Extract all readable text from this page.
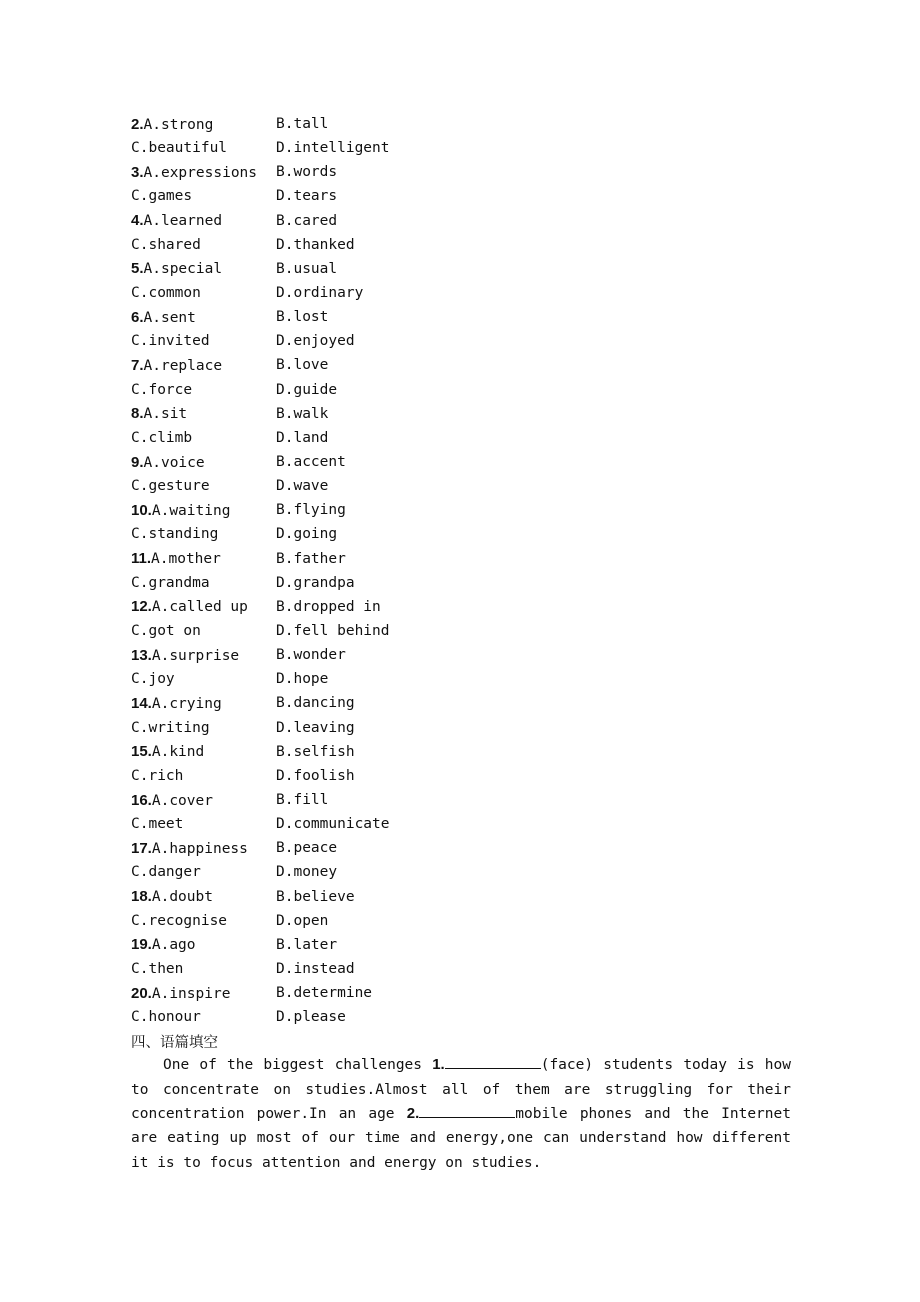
2.A.strong	B.tall
C.beautiful	D.intelligent
3.A.expressions	B.words
C.games	D.tears
4.A.learned	B.cared
C.shared	D.thanked
5.A.special	B.usual
C.common	D.ordinary
6.A.sent	B.lost
C.invited	D.enjoyed
7.A.replace	B.love
C.force	D.guide
8.A.sit	B.walk
C.climb	D.land
9.A.voice	B.accent
C.gesture	D.wave
10.A.waiting	B.flying
C.standing	D.going
11.A.mother	B.father
C.grandma	D.grandpa
12.A.called up	B.dropped in
C.got on	D.fell behind
13.A.surprise	B.wonder
C.joy	D.hope
14.A.crying	B.dancing
C.writing	D.leaving
15.A.kind	B.selfish
C.rich	D.foolish
16.A.cover	B.fill
C.meet	D.communicate
17.A.happiness	B.peace
C.danger	D.money
18.A.doubt	B.believe
C.recognise	D.open
19.A.ago	B.later
C.then	D.instead
20.A.inspire	B.determine
C.honour	D.please
四、语篇填空

One of the biggest challenges 1.	(face) students today is how to concentrate on studies.Almost all of them are struggling for their concentration power.In an age 2.	mobile phones and the Internet are eating up most of our time and energy,one can understand how different it is to focus attention and energy on studies.
